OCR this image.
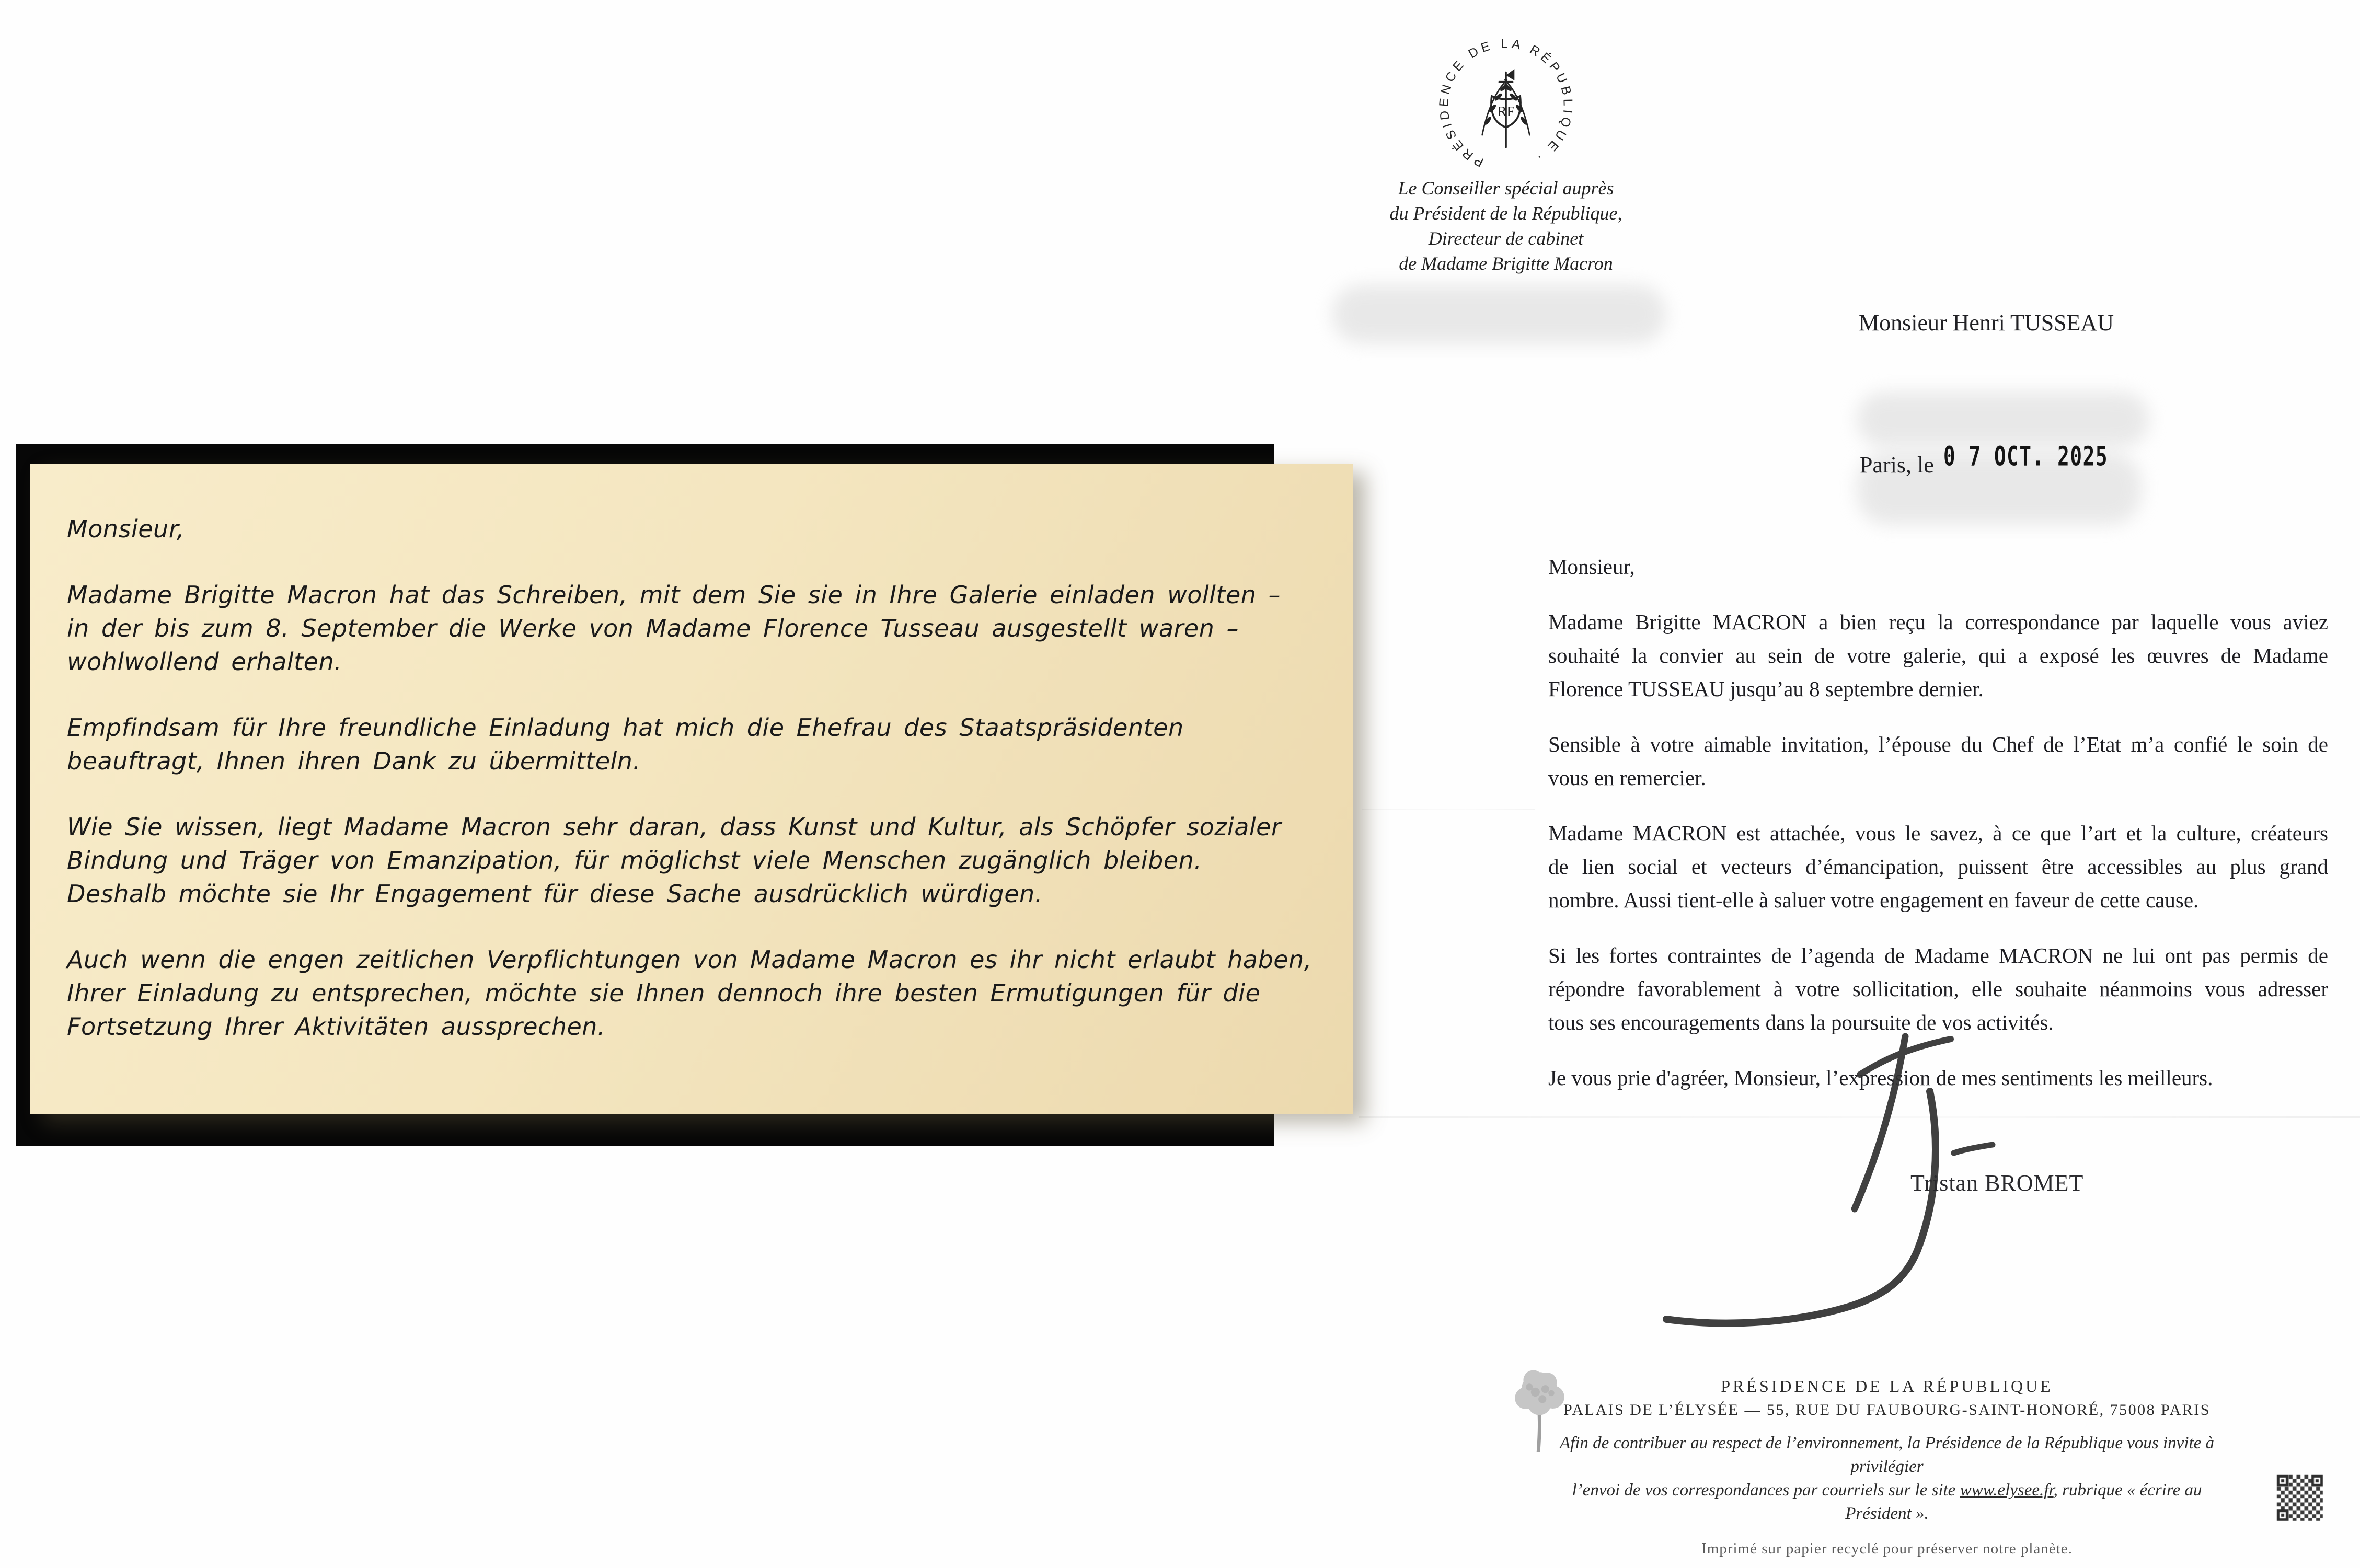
Monsieur,
Madame Brigitte Macron hat das Schreiben, mit dem Sie sie in Ihre Galerie einladen wollten –
in der bis zum 8. September die Werke von Madame Florence Tusseau ausgestellt waren –
wohlwollend erhalten.
Empfindsam für Ihre freundliche Einladung hat mich die Ehefrau des Staatspräsidenten
beauftragt, Ihnen ihren Dank zu übermitteln.
Wie Sie wissen, liegt Madame Macron sehr daran, dass Kunst und Kultur, als Schöpfer sozialer
Bindung und Träger von Emanzipation, für möglichst viele Menschen zugänglich bleiben.
Deshalb möchte sie Ihr Engagement für diese Sache ausdrücklich würdigen.
Auch wenn die engen zeitlichen Verpflichtungen von Madame Macron es ihr nicht erlaubt haben,
Ihrer Einladung zu entsprechen, möchte sie Ihnen dennoch ihre besten Ermutigungen für die
Fortsetzung Ihrer Aktivitäten aussprechen.
PRÉSIDENCE DE LA RÉPUBLIQUE ·
RF
Le Conseiller spécial auprès
du Président de la République,
Directeur de cabinet
de Madame Brigitte Macron
Monsieur Henri TUSSEAU
Paris, le 0 7 OCT. 2025

Monsieur,

Madame Brigitte MACRON a bien reçu la correspondance par laquelle vous aviez
souhaité la convier au sein de votre galerie, qui a exposé les œuvres de Madame
Florence TUSSEAU jusqu’au 8 septembre dernier.

Sensible à votre aimable invitation, l’épouse du Chef de l’Etat m’a confié le soin de
vous en remercier.

Madame MACRON est attachée, vous le savez, à ce que l’art et la culture, créateurs
de lien social et vecteurs d’émancipation, puissent être accessibles au plus grand
nombre. Aussi tient-elle à saluer votre engagement en faveur de cette cause.

Si les fortes contraintes de l’agenda de Madame MACRON ne lui ont pas permis de
répondre favorablement à votre sollicitation, elle souhaite néanmoins vous adresser
tous ses encouragements dans la poursuite de vos activités.

Je vous prie d'agréer, Monsieur, l’expression de mes sentiments les meilleurs.

Tristan BROMET
PRÉSIDENCE DE LA RÉPUBLIQUE
PALAIS DE L’ÉLYSÉE — 55, RUE DU FAUBOURG-SAINT-HONORÉ, 75008 PARIS
Afin de contribuer au respect de l’environnement, la Présidence de la République vous invite à privilégier
l’envoi de vos correspondances par courriels sur le site www.elysee.fr, rubrique « écrire au Président ».
Imprimé sur papier recyclé pour préserver notre planète.
